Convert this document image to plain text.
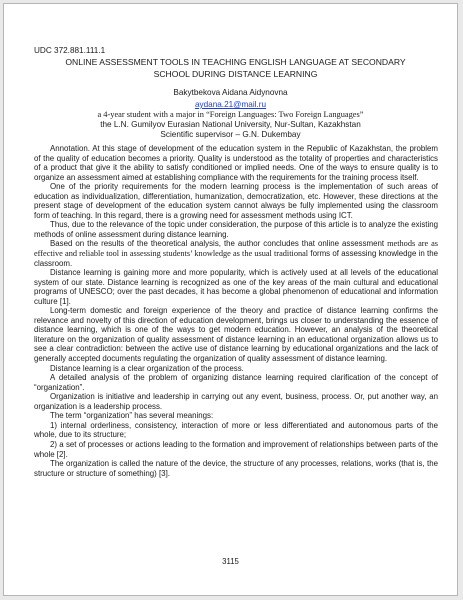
UDC 372.881.111.1
ONLINE ASSESSMENT TOOLS IN TEACHING ENGLISH LANGUAGE AT SECONDARY
SCHOOL DURING DISTANCE LEARNING
Bakytbekova Aidana Aidynovna
aydana.21@mail.ru
a 4-year student with a major in “Foreign Languages: Two Foreign Languages”
the L.N. Gumilyov Eurasian National University, Nur-Sultan, Kazakhstan
Scientific supervisor – G.N. Dukembay

Annotation. At this stage of development of the education system in the Republic of Kazakhstan, the problem of the quality of education becomes a priority. Quality is understood as the totality of properties and characteristics of a product that give it the ability to satisfy conditioned or implied needs. One of the ways to ensure quality is to organize an assessment aimed at establishing compliance with the requirements for the training process itself.

One of the priority requirements for the modern learning process is the implementation of such areas of education as individualization, differentiation, humanization, democratization, etc. However, these directions at the present stage of development of the education system cannot always be fully implemented using the classroom form of teaching. In this regard, there is a growing need for assessment methods using ICT.

Thus, due to the relevance of the topic under consideration, the purpose of this article is to analyze the existing methods of online assessment during distance learning.

Based on the results of the theoretical analysis, the author concludes that online assessment methods are as effective and reliable tool in assessing students’ knowledge as the usual traditional forms of assessing knowledge in the classroom.

Distance learning is gaining more and more popularity, which is actively used at all levels of the educational system of our state. Distance learning is recognized as one of the key areas of the main cultural and educational programs of UNESCO; over the past decades, it has become a global phenomenon of educational and information culture [1].

Long-term domestic and foreign experience of the theory and practice of distance learning confirms the relevance and novelty of this direction of education development, brings us closer to understanding the essence of distance learning, which is one of the ways to get modern education. However, an analysis of the theoretical literature on the organization of quality assessment of distance learning in an educational organization allows us to see a clear contradiction: between the active use of distance learning by educational organizations and the lack of generally accepted documents regulating the organization of quality assessment of distance learning.

Distance learning is a clear organization of the process.

A detailed analysis of the problem of organizing distance learning required clarification of the concept of “organization”.

Organization is initiative and leadership in carrying out any event, business, process. Or, put another way, an organization is a leadership process.

The term “organization” has several meanings:

1) internal orderliness, consistency, interaction of more or less differentiated and autonomous parts of the whole, due to its structure;

2) a set of processes or actions leading to the formation and improvement of relationships between parts of the whole [2].

The organization is called the nature of the device, the structure of any processes, relations, works (that is, the structure or structure of something) [3].

3115
